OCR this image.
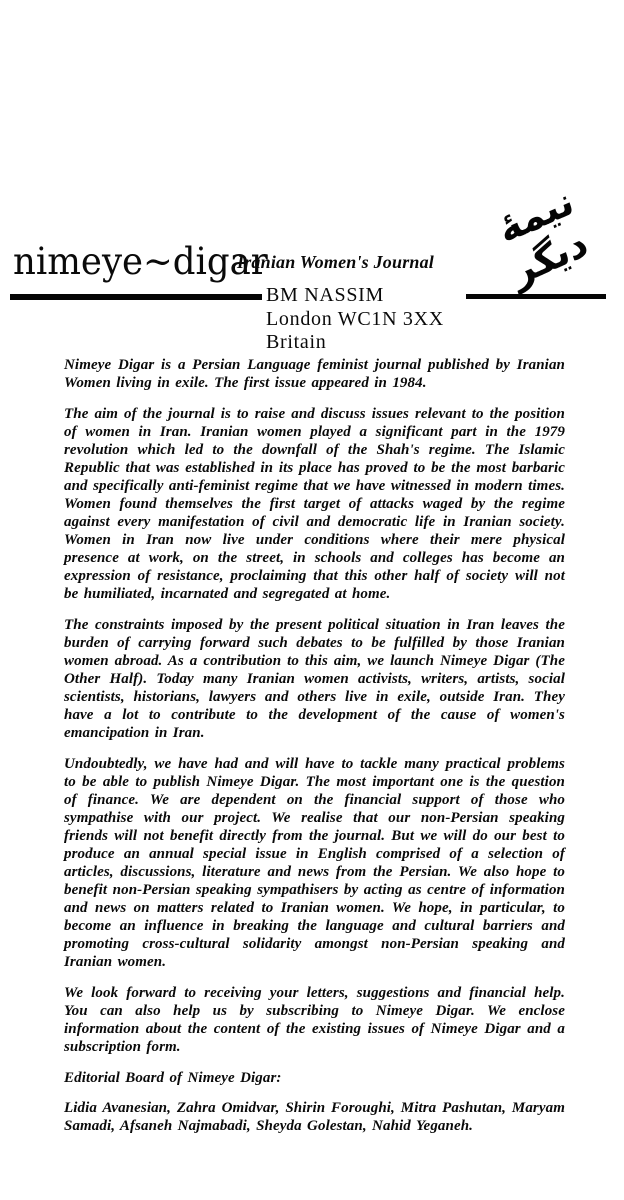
نیمهٔ دیگر
nimeye~digar
Iranian Women's Journal
BM NASSIM
London WC1N 3XX
Britain

Nimeye Digar is a Persian Language feminist journal published by Iranian Women living in exile. The first issue appeared in 1984.

The aim of the journal is to raise and discuss issues relevant to the position of women in Iran. Iranian women played a significant part in the 1979 revolution which led to the downfall of the Shah's regime. The Islamic Republic that was established in its place has proved to be the most barbaric and specifically anti-feminist regime that we have witnessed in modern times. Women found themselves the first target of attacks waged by the regime against every manifestation of civil and democratic life in Iranian society. Women in Iran now live under conditions where their mere physical presence at work, on the street, in schools and colleges has become an expression of resistance, proclaiming that this other half of society will not be humiliated, incarnated and segregated at home.

The constraints imposed by the present political situation in Iran leaves the burden of carrying forward such debates to be fulfilled by those Iranian women abroad. As a contribution to this aim, we launch Nimeye Digar (The Other Half). Today many Iranian women activists, writers, artists, social scientists, historians, lawyers and others live in exile, outside Iran. They have a lot to contribute to the development of the cause of women's emancipation in Iran.

Undoubtedly, we have had and will have to tackle many practical problems to be able to publish Nimeye Digar. The most important one is the question of finance. We are dependent on the financial support of those who sympathise with our project. We realise that our non-Persian speaking friends will not benefit directly from the journal. But we will do our best to produce an annual special issue in English comprised of a selection of articles, discussions, literature and news from the Persian. We also hope to benefit non-Persian speaking sympathisers by acting as centre of information and news on matters related to Iranian women. We hope, in particular, to become an influence in breaking the language and cultural barriers and promoting cross-cultural solidarity amongst non-Persian speaking and Iranian women.

We look forward to receiving your letters, suggestions and financial help. You can also help us by subscribing to Nimeye Digar. We enclose information about the content of the existing issues of Nimeye Digar and a subscription form.

Editorial Board of Nimeye Digar:

Lidia Avanesian, Zahra Omidvar, Shirin Foroughi, Mitra Pashutan, Maryam Samadi, Afsaneh Najmabadi, Sheyda Golestan, Nahid Yeganeh.
